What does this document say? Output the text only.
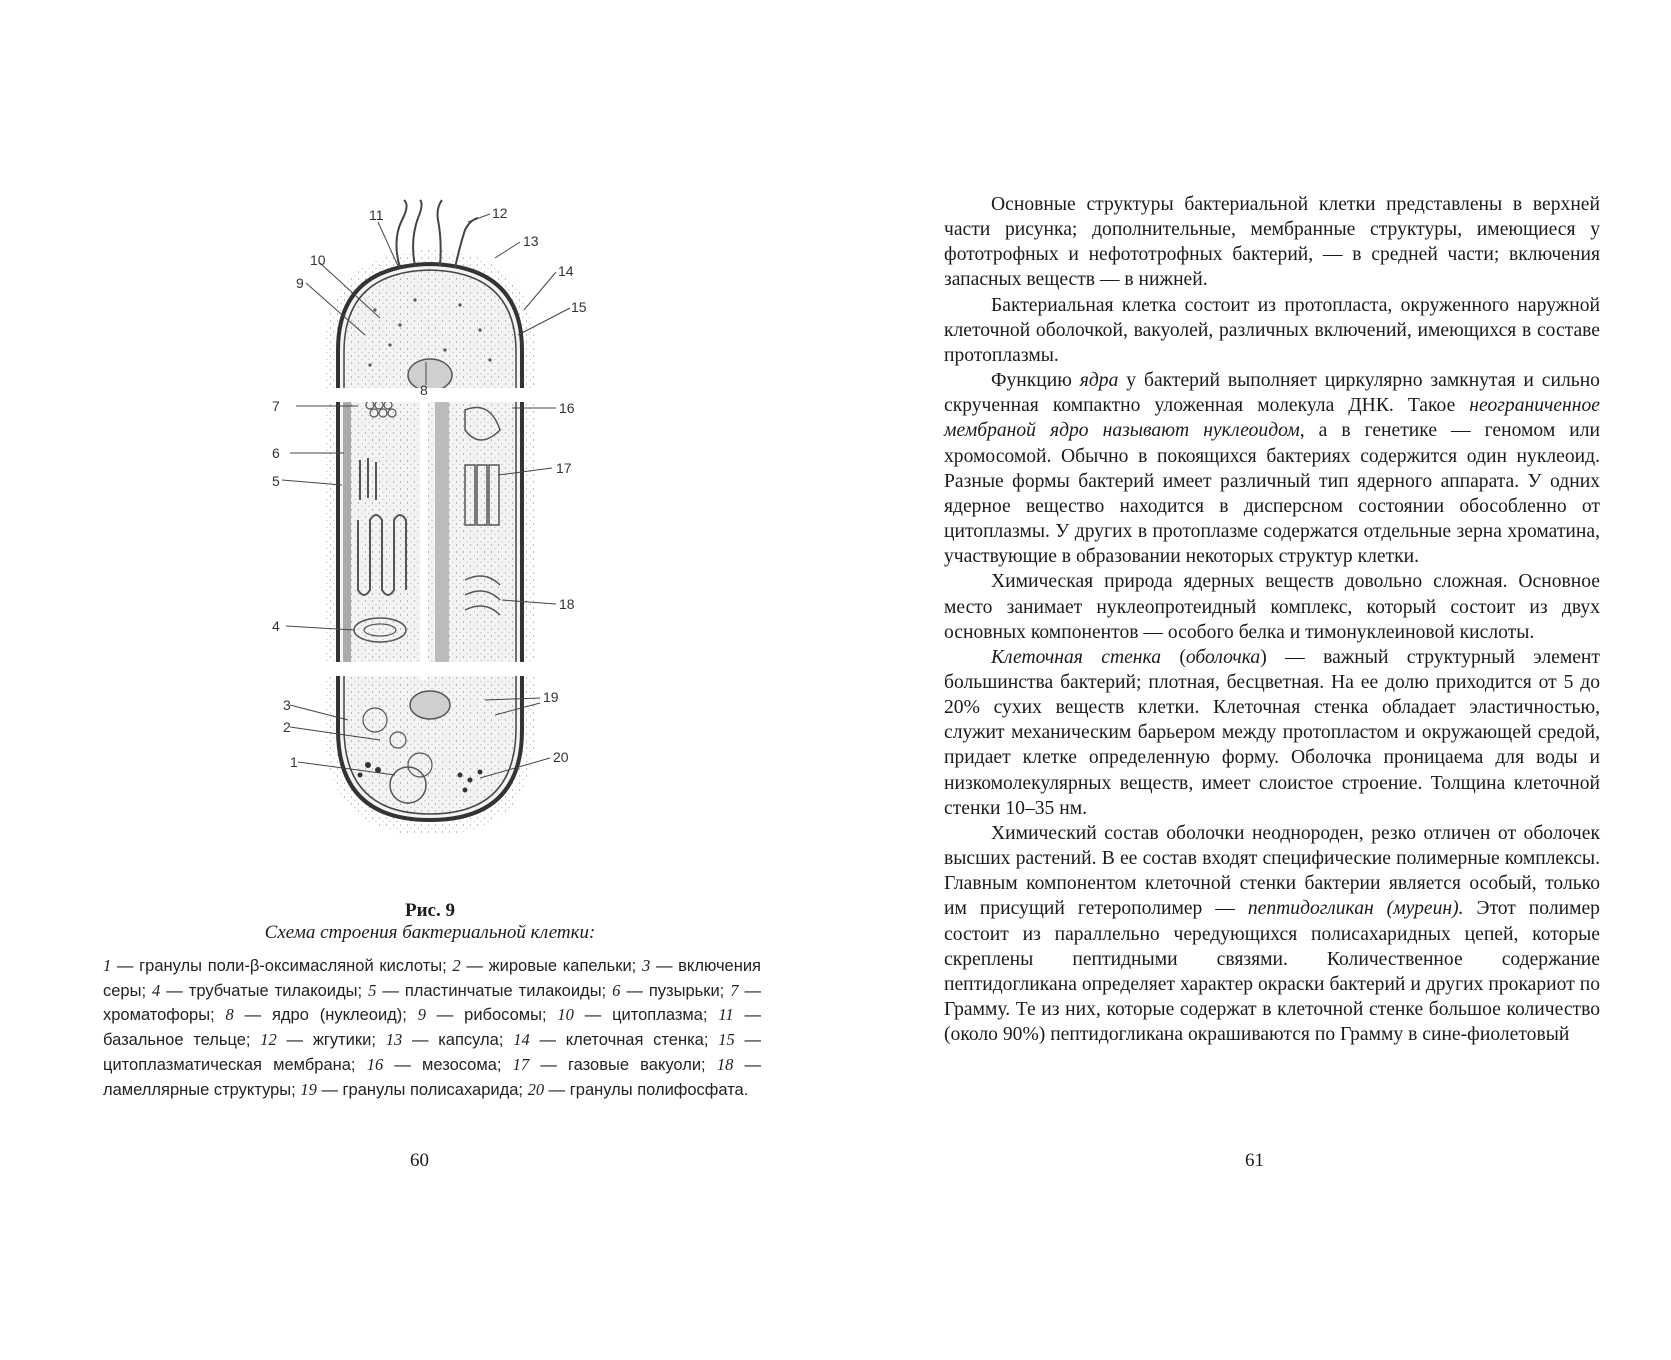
11	12
13
14
15
10
9
8
7	16
6
17
5
18
4
19
3
2
1	20
Рис. 9
Схема строения бактериальной клетки:
1 — гранулы поли-β-оксимасляной кислоты; 2 — жировые капельки; 3 — включения серы; 4 — трубчатые тилакоиды; 5 — пластинчатые тилакоиды; 6 — пузырьки; 7 — хроматофоры; 8 — ядро (нуклеоид); 9 — рибосомы; 10 — цитоплазма; 11 — базальное тельце; 12 — жгутики; 13 — капсула; 14 — клеточная стенка; 15 — цитоплазматическая мембрана; 16 — мезосома; 17 — газовые вакуоли; 18 — ламеллярные структуры; 19 — гранулы полисахарида; 20 — гранулы полифосфата.
60

Основные структуры бактериальной клетки представлены в верхней части рисунка; дополнительные, мембранные структуры, имеющиеся у фототрофных и нефототрофных бактерий, — в средней части; включения запасных веществ — в нижней.

Бактериальная клетка состоит из протопласта, окруженного наружной клеточной оболочкой, вакуолей, различных включений, имеющихся в составе протоплазмы.

Функцию ядра у бактерий выполняет циркулярно замкнутая и сильно скрученная компактно уложенная молекула ДНК. Такое неограниченное мембраной ядро называют нуклеоидом, а в генетике — геномом или хромосомой. Обычно в покоящихся бактериях содержится один нуклеоид. Разные формы бактерий имеет различный тип ядерного аппарата. У одних ядерное вещество находится в дисперсном состоянии обособленно от цитоплазмы. У других в протоплазме содержатся отдельные зерна хроматина, участвующие в образовании некоторых структур клетки.

Химическая природа ядерных веществ довольно сложная. Основное место занимает нуклеопротеидный комплекс, который состоит из двух основных компонентов — особого белка и тимонуклеиновой кислоты.

Клеточная стенка (оболочка) — важный структурный элемент большинства бактерий; плотная, бесцветная. На ее долю приходится от 5 до 20% сухих веществ клетки. Клеточная стенка обладает эластичностью, служит механическим барьером между протопластом и окружающей средой, придает клетке определенную форму. Оболочка проницаема для воды и низкомолекулярных веществ, имеет слоистое строение. Толщина клеточной стенки 10–35 нм.

Химический состав оболочки неоднороден, резко отличен от оболочек высших растений. В ее состав входят специфические полимерные комплексы. Главным компонентом клеточной стенки бактерии является особый, только им присущий гетерополимер — пептидогликан (муреин). Этот полимер состоит из параллельно чередующихся полисахаридных цепей, которые скреплены пептидными связями. Количественное содержание пептидогликана определяет характер окраски бактерий и других прокариот по Грамму. Те из них, которые содержат в клеточной стенке большое количество (около 90%) пептидогликана окрашиваются по Грамму в сине-фиолетовый

61
